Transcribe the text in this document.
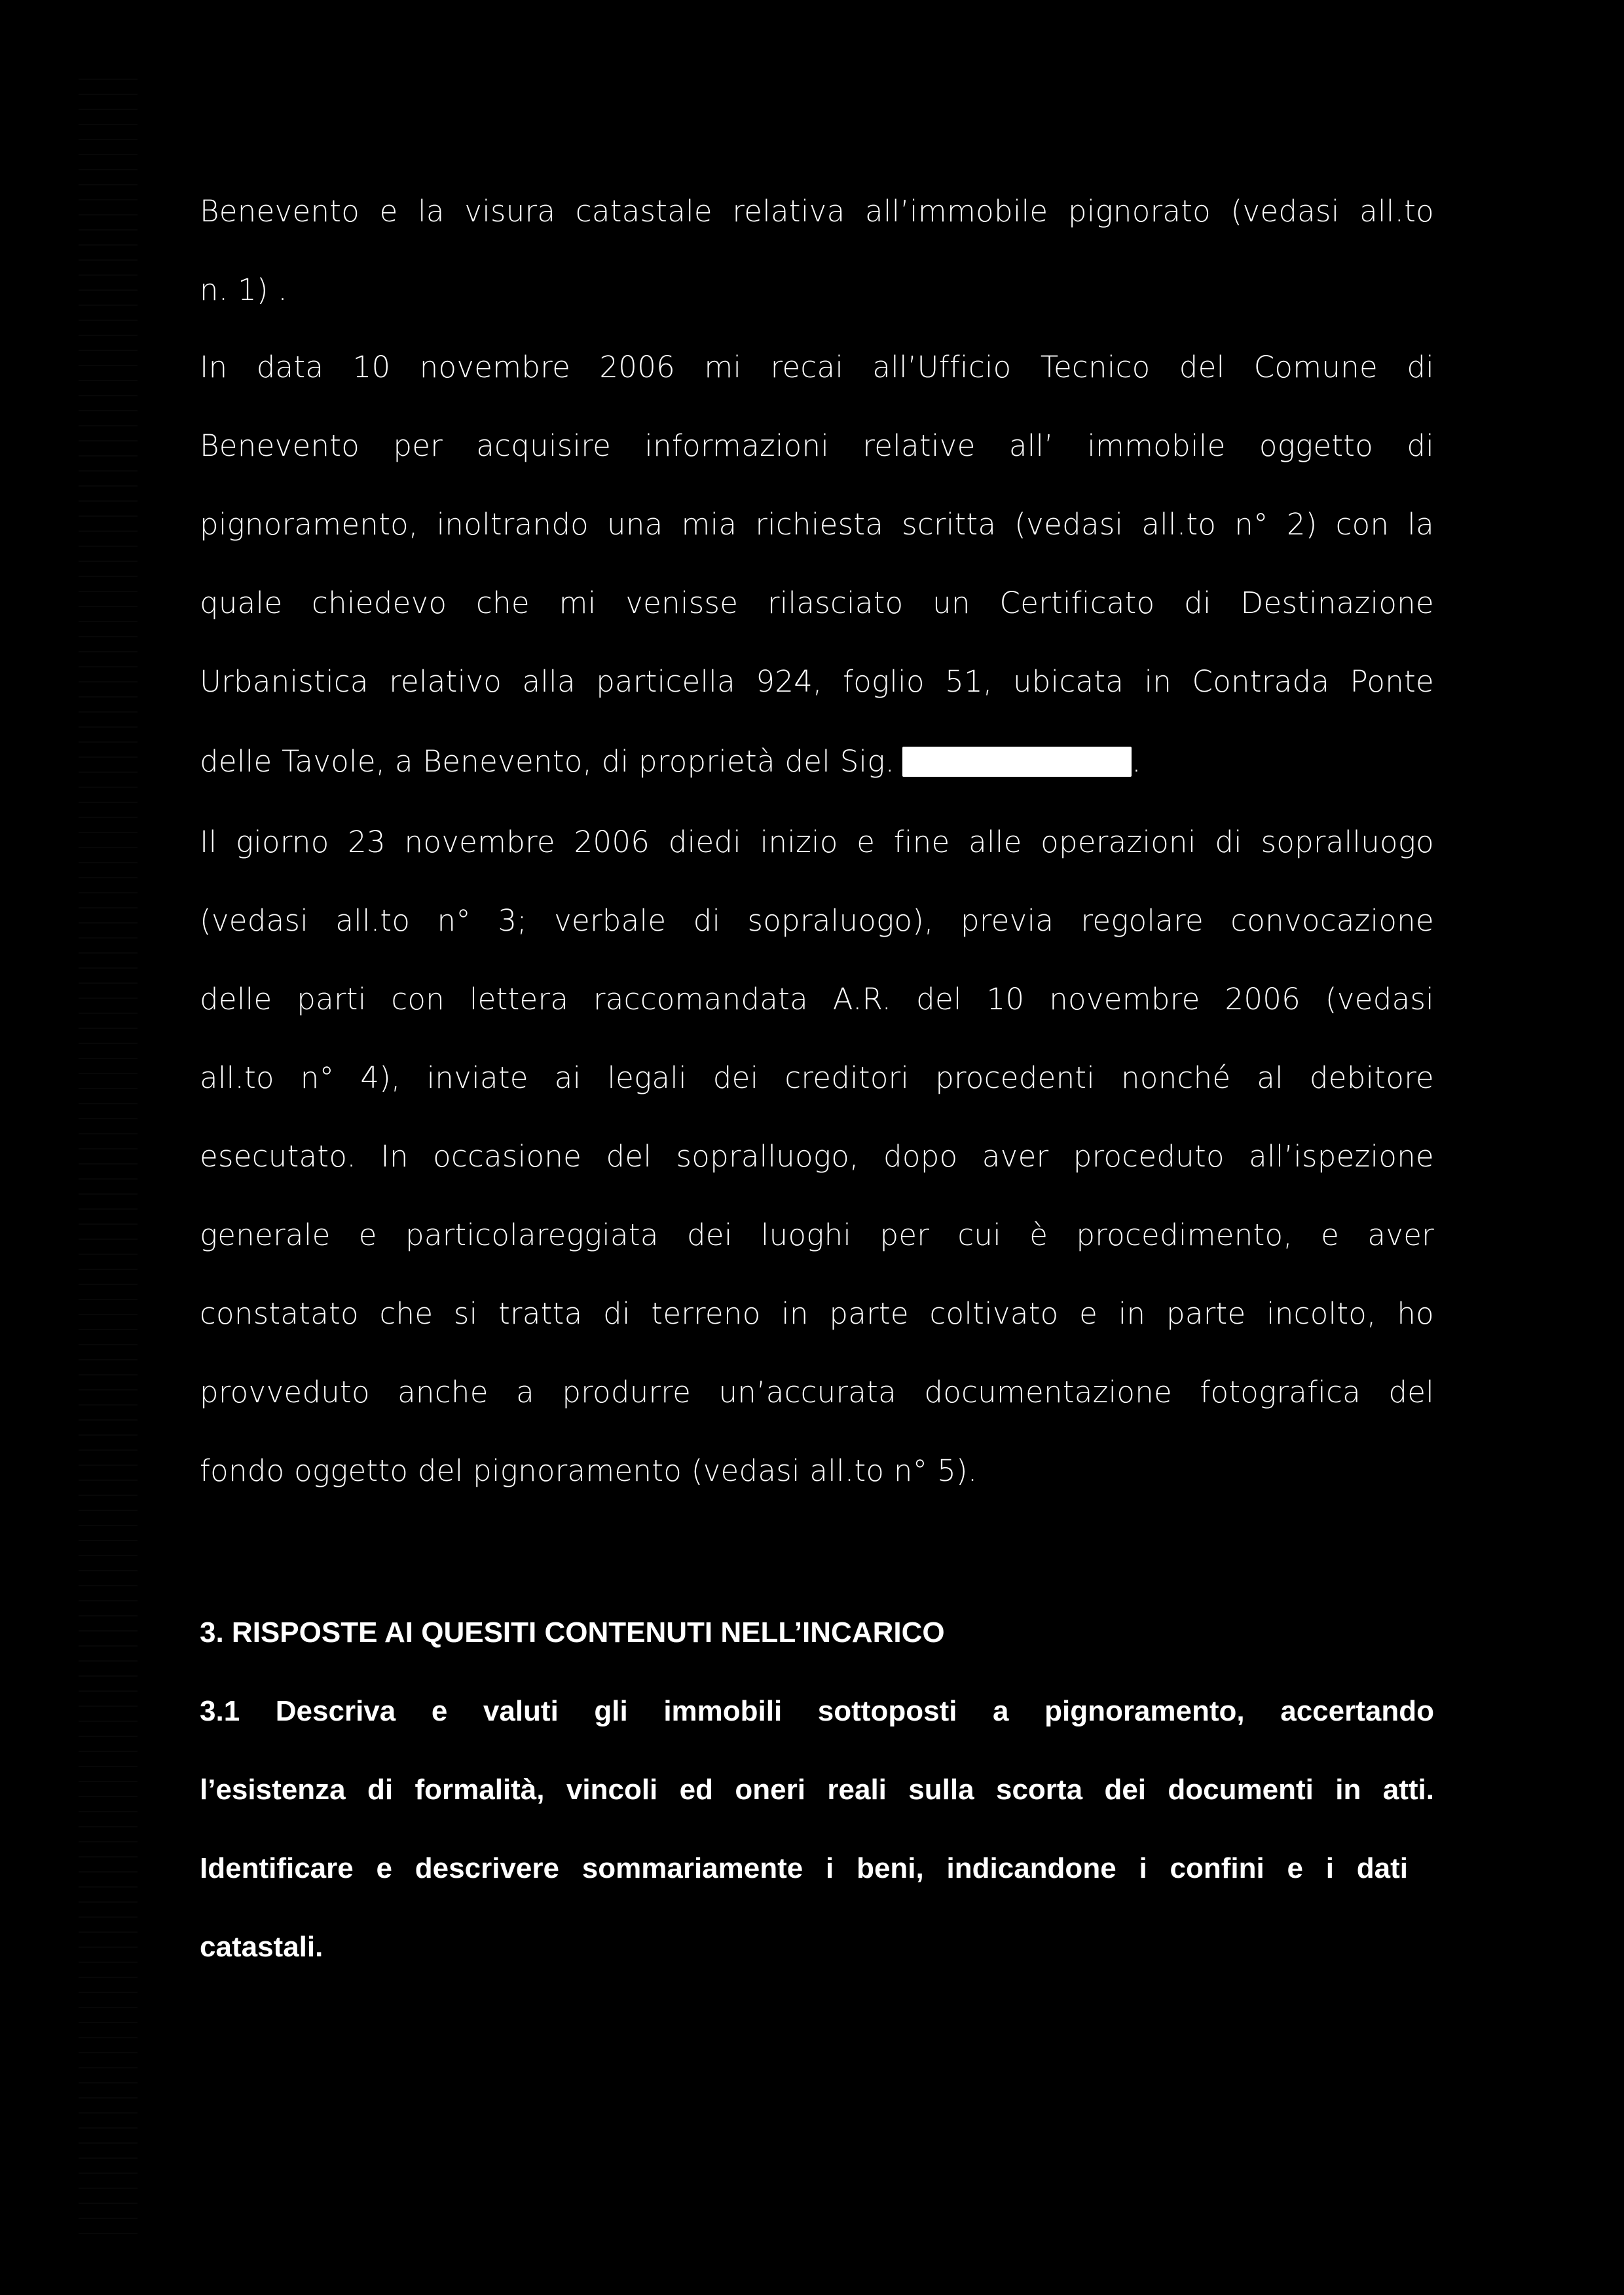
Benevento e la visura catastale relativa all’immobile pignorato (vedasi all.to
n. 1) .
In data 10 novembre 2006 mi recai all’Ufficio Tecnico del Comune di
Benevento per acquisire informazioni relative all’ immobile oggetto di
pignoramento, inoltrando una mia richiesta scritta (vedasi all.to n° 2) con la
quale chiedevo che mi venisse rilasciato un Certificato di Destinazione
Urbanistica relativo alla particella 924, foglio 51, ubicata in Contrada Ponte
delle Tavole, a Benevento, di proprietà del Sig.	.
Il giorno 23 novembre 2006 diedi inizio e fine alle operazioni di sopralluogo
(vedasi all.to n° 3; verbale di sopraluogo), previa regolare convocazione
delle parti con lettera raccomandata A.R. del 10 novembre 2006 (vedasi
all.to n° 4), inviate ai legali dei creditori procedenti nonché al debitore
esecutato. In occasione del sopralluogo, dopo aver proceduto all’ispezione
generale e particolareggiata dei luoghi per cui è procedimento, e aver
constatato che si tratta di terreno in parte coltivato e in parte incolto, ho
provveduto anche a produrre un’accurata documentazione fotografica del
fondo oggetto del pignoramento (vedasi all.to n° 5).
3. RISPOSTE AI QUESITI CONTENUTI NELL’INCARICO
3.1 Descriva e valuti gli immobili sottoposti a pignoramento, accertando
l’esistenza di formalità, vincoli ed oneri reali sulla scorta dei documenti in atti.
Identificare e descrivere sommariamente i beni, indicandone i confini e i dati
catastali.
